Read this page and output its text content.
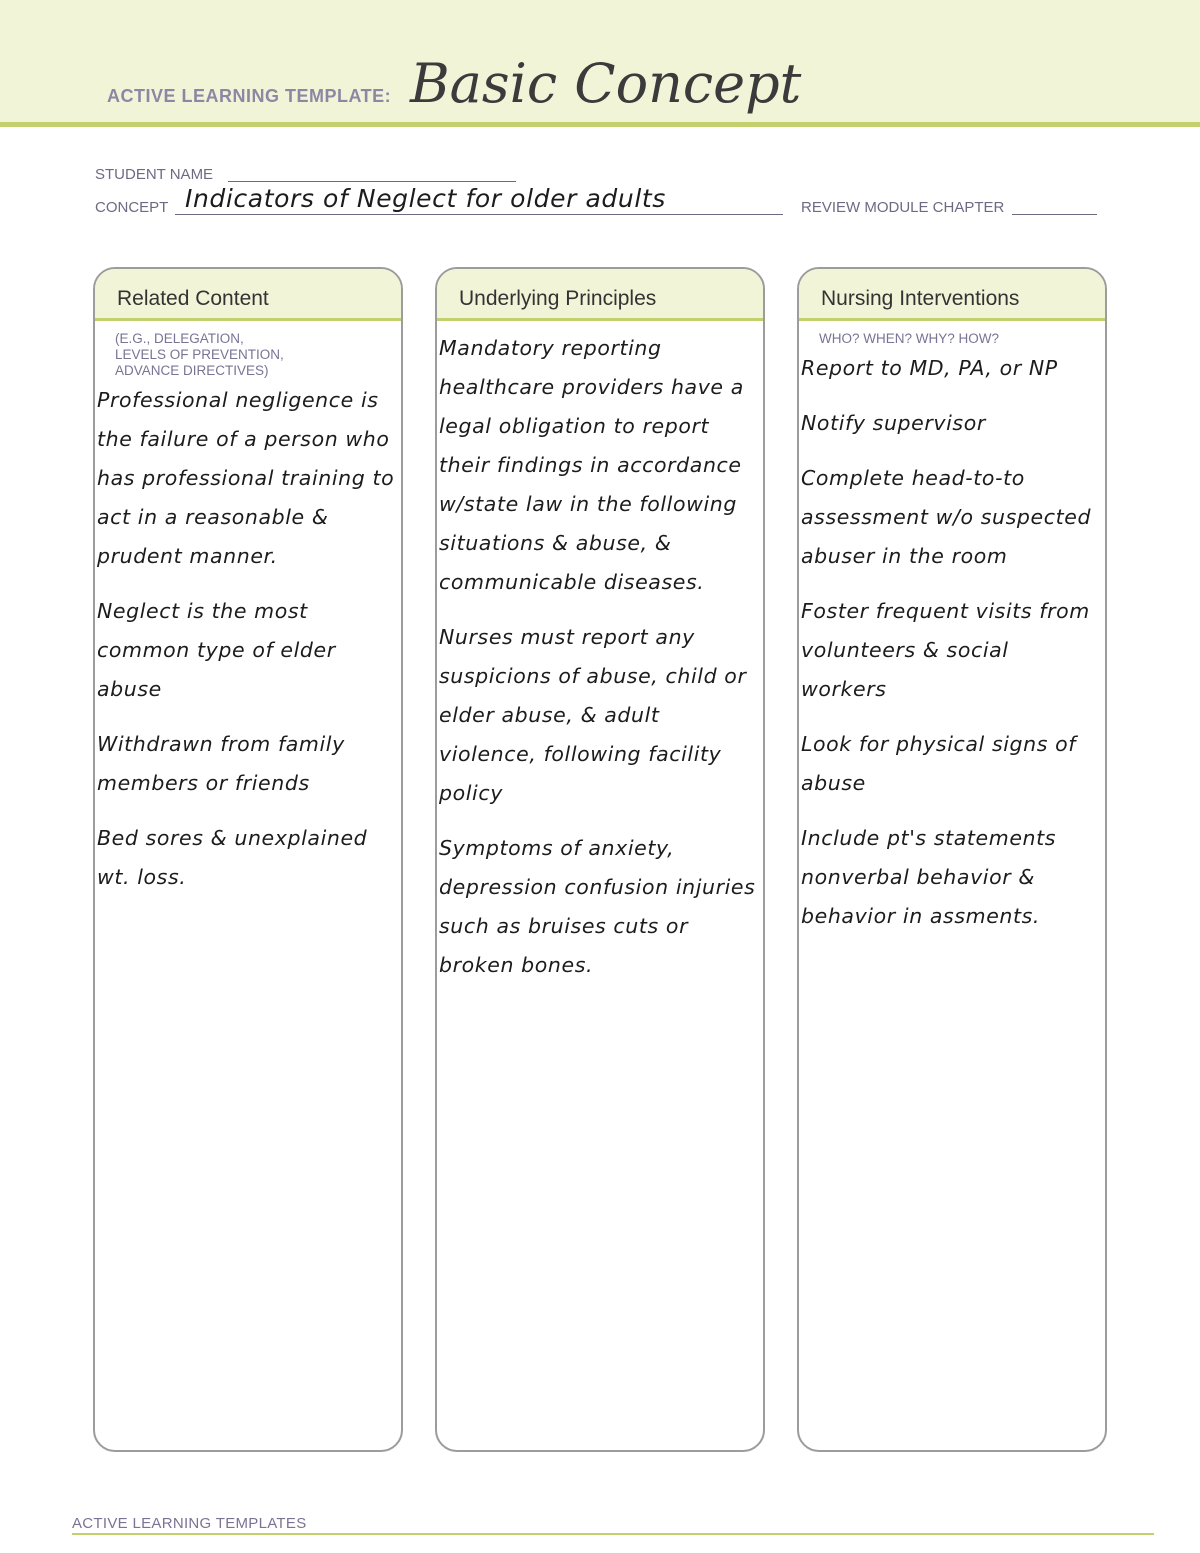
ACTIVE LEARNING TEMPLATE: Basic Concept
STUDENT NAME
CONCEPT Indicators of Neglect for older adults	REVIEW MODULE CHAPTER
Related Content
(E.G., DELEGATION,
LEVELS OF PREVENTION,
ADVANCE DIRECTIVES)

Professional negligence is the failure of a person who has professional training to act in a reasonable & prudent manner.

Neglect is the most common type of elder abuse

Withdrawn from family members or friends

Bed sores & unexplained wt. loss.

Underlying Principles

Mandatory reporting healthcare providers have a legal obligation to report their findings in accordance w/state law in the following situations & abuse, & communicable diseases.

Nurses must report any suspicions of abuse, child or elder abuse, & adult violence, following facility policy

Symptoms of anxiety, depression confusion injuries such as bruises cuts or broken bones.

Nursing Interventions
WHO? WHEN? WHY? HOW?

Report to MD, PA, or NP

Notify supervisor

Complete head-to-to assessment w/o suspected abuser in the room

Foster frequent visits from volunteers & social workers

Look for physical signs of abuse

Include pt's statements nonverbal behavior & behavior in assments.

ACTIVE LEARNING TEMPLATES
